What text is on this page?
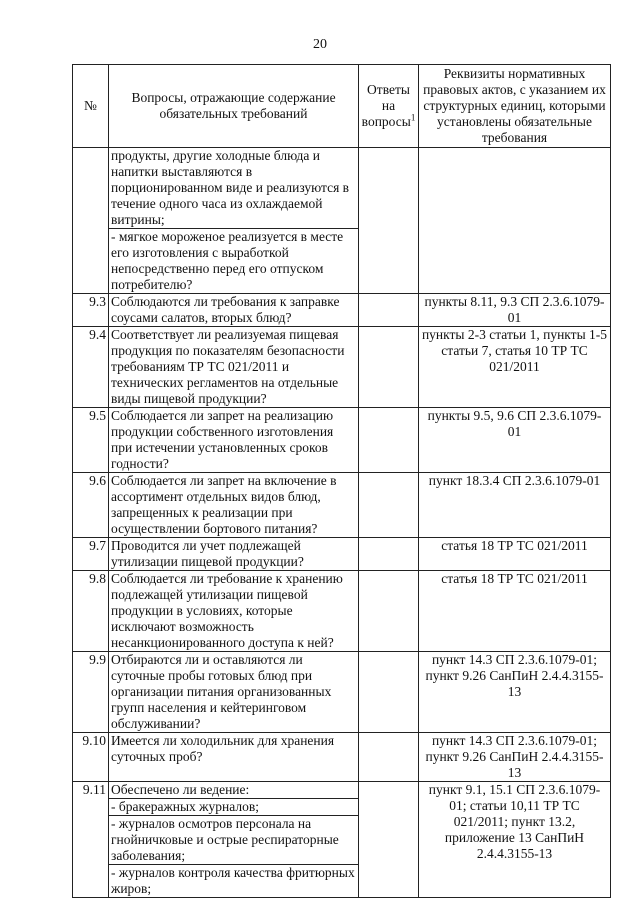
20
№	Вопросы, отражающие содержание обязательных требований	Ответы на вопросы$^1$	Реквизиты нормативных правовых актов, с указанием их структурных единиц, которыми установлены обязательные требования

	продукты, другие холодные блюда и напитки выставляются в порционированном виде и реализуются в течение одного часа из охлаждаемой витрины;
- мягкое мороженое реализуется в месте его изготовления с выработкой непосредственно перед его отпуском потребителю?		

9.3	Соблюдаются ли требования к заправке соусами салатов, вторых блюд?		пункты 8.11, 9.3 СП 2.3.6.1079-01
9.4	Соответствует ли реализуемая пищевая продукция по показателям безопасности требованиям ТР ТС 021/2011 и технических регламентов на отдельные виды пищевой продукции?		пункты 2-3 статьи 1, пункты 1-5 статьи 7, статья 10 ТР ТС 021/2011
9.5	Соблюдается ли запрет на реализацию продукции собственного изготовления при истечении установленных сроков годности?		пункты 9.5, 9.6 СП 2.3.6.1079-01
9.6	Соблюдается ли запрет на включение в ассортимент отдельных видов блюд, запрещенных к реализации при осуществлении бортового питания?		пункт 18.3.4 СП 2.3.6.1079-01
9.7	Проводится ли учет подлежащей утилизации пищевой продукции?		статья 18 ТР ТС 021/2011
9.8	Соблюдается ли требование к хранению подлежащей утилизации пищевой продукции в условиях, которые исключают возможность несанкционированного доступа к ней?		статья 18 ТР ТС 021/2011
9.9	Отбираются ли и оставляются ли суточные пробы готовых блюд при организации питания организованных групп населения и кейтеринговом обслуживании?		пункт 14.3 СП 2.3.6.1079-01; пункт 9.26 СанПиН 2.4.4.3155-13
9.10	Имеется ли холодильник для хранения суточных проб?		пункт 14.3 СП 2.3.6.1079-01; пункт 9.26 СанПиН 2.4.4.3155-13
9.11	Обеспечено ли ведение:
- бракеражных журналов;
- журналов осмотров персонала на гнойничковые и острые респираторные заболевания;
- журналов контроля качества фритюрных жиров;		пункт 9.1, 15.1 СП 2.3.6.1079-01; статьи 10,11 ТР ТС 021/2011; пункт 13.2, приложение 13 СанПиН 2.4.4.3155-13
